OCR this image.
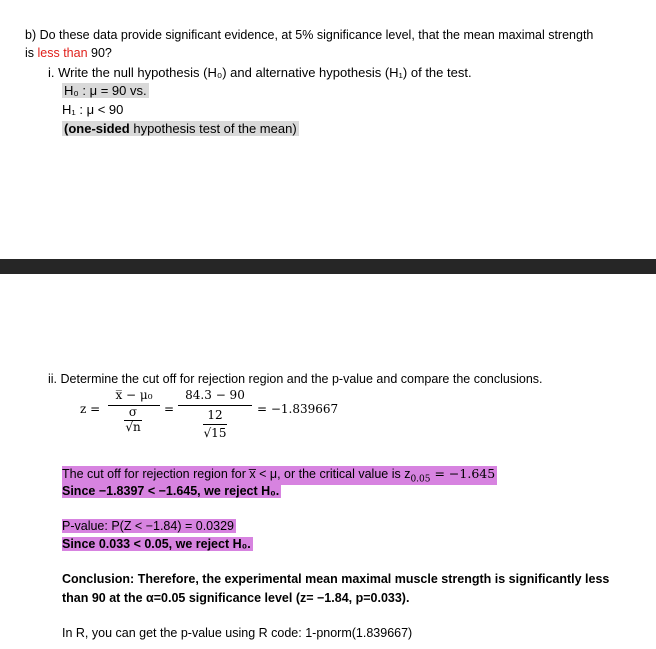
b) Do these data provide significant evidence, at 5% significance level, that the mean maximal strength
is less than 90?
i. Write the null hypothesis (H₀) and alternative hypothesis (H₁) of the test.
H₀ : μ = 90 vs.
H₁ : μ < 90
(one-sided hypothesis test of the mean)
ii. Determine the cut off for rejection region and the p-value and compare the conclusions.
z =
x̅ − μ₀
σ
√n
=
84.3 − 90
12
√15
= −1.839667
The cut off for rejection region for x̅ < μ, or the critical value is $z_{0.05} = -1.645$
Since −1.8397 < −1.645, we reject H₀.
P-value: P(Z < −1.84) = 0.0329
Since 0.033 < 0.05, we reject H₀.
Conclusion: Therefore, the experimental mean maximal muscle strength is significantly less
than 90 at the α=0.05 significance level (z= −1.84, p=0.033).
In R, you can get the p-value using R code: 1-pnorm(1.839667)
